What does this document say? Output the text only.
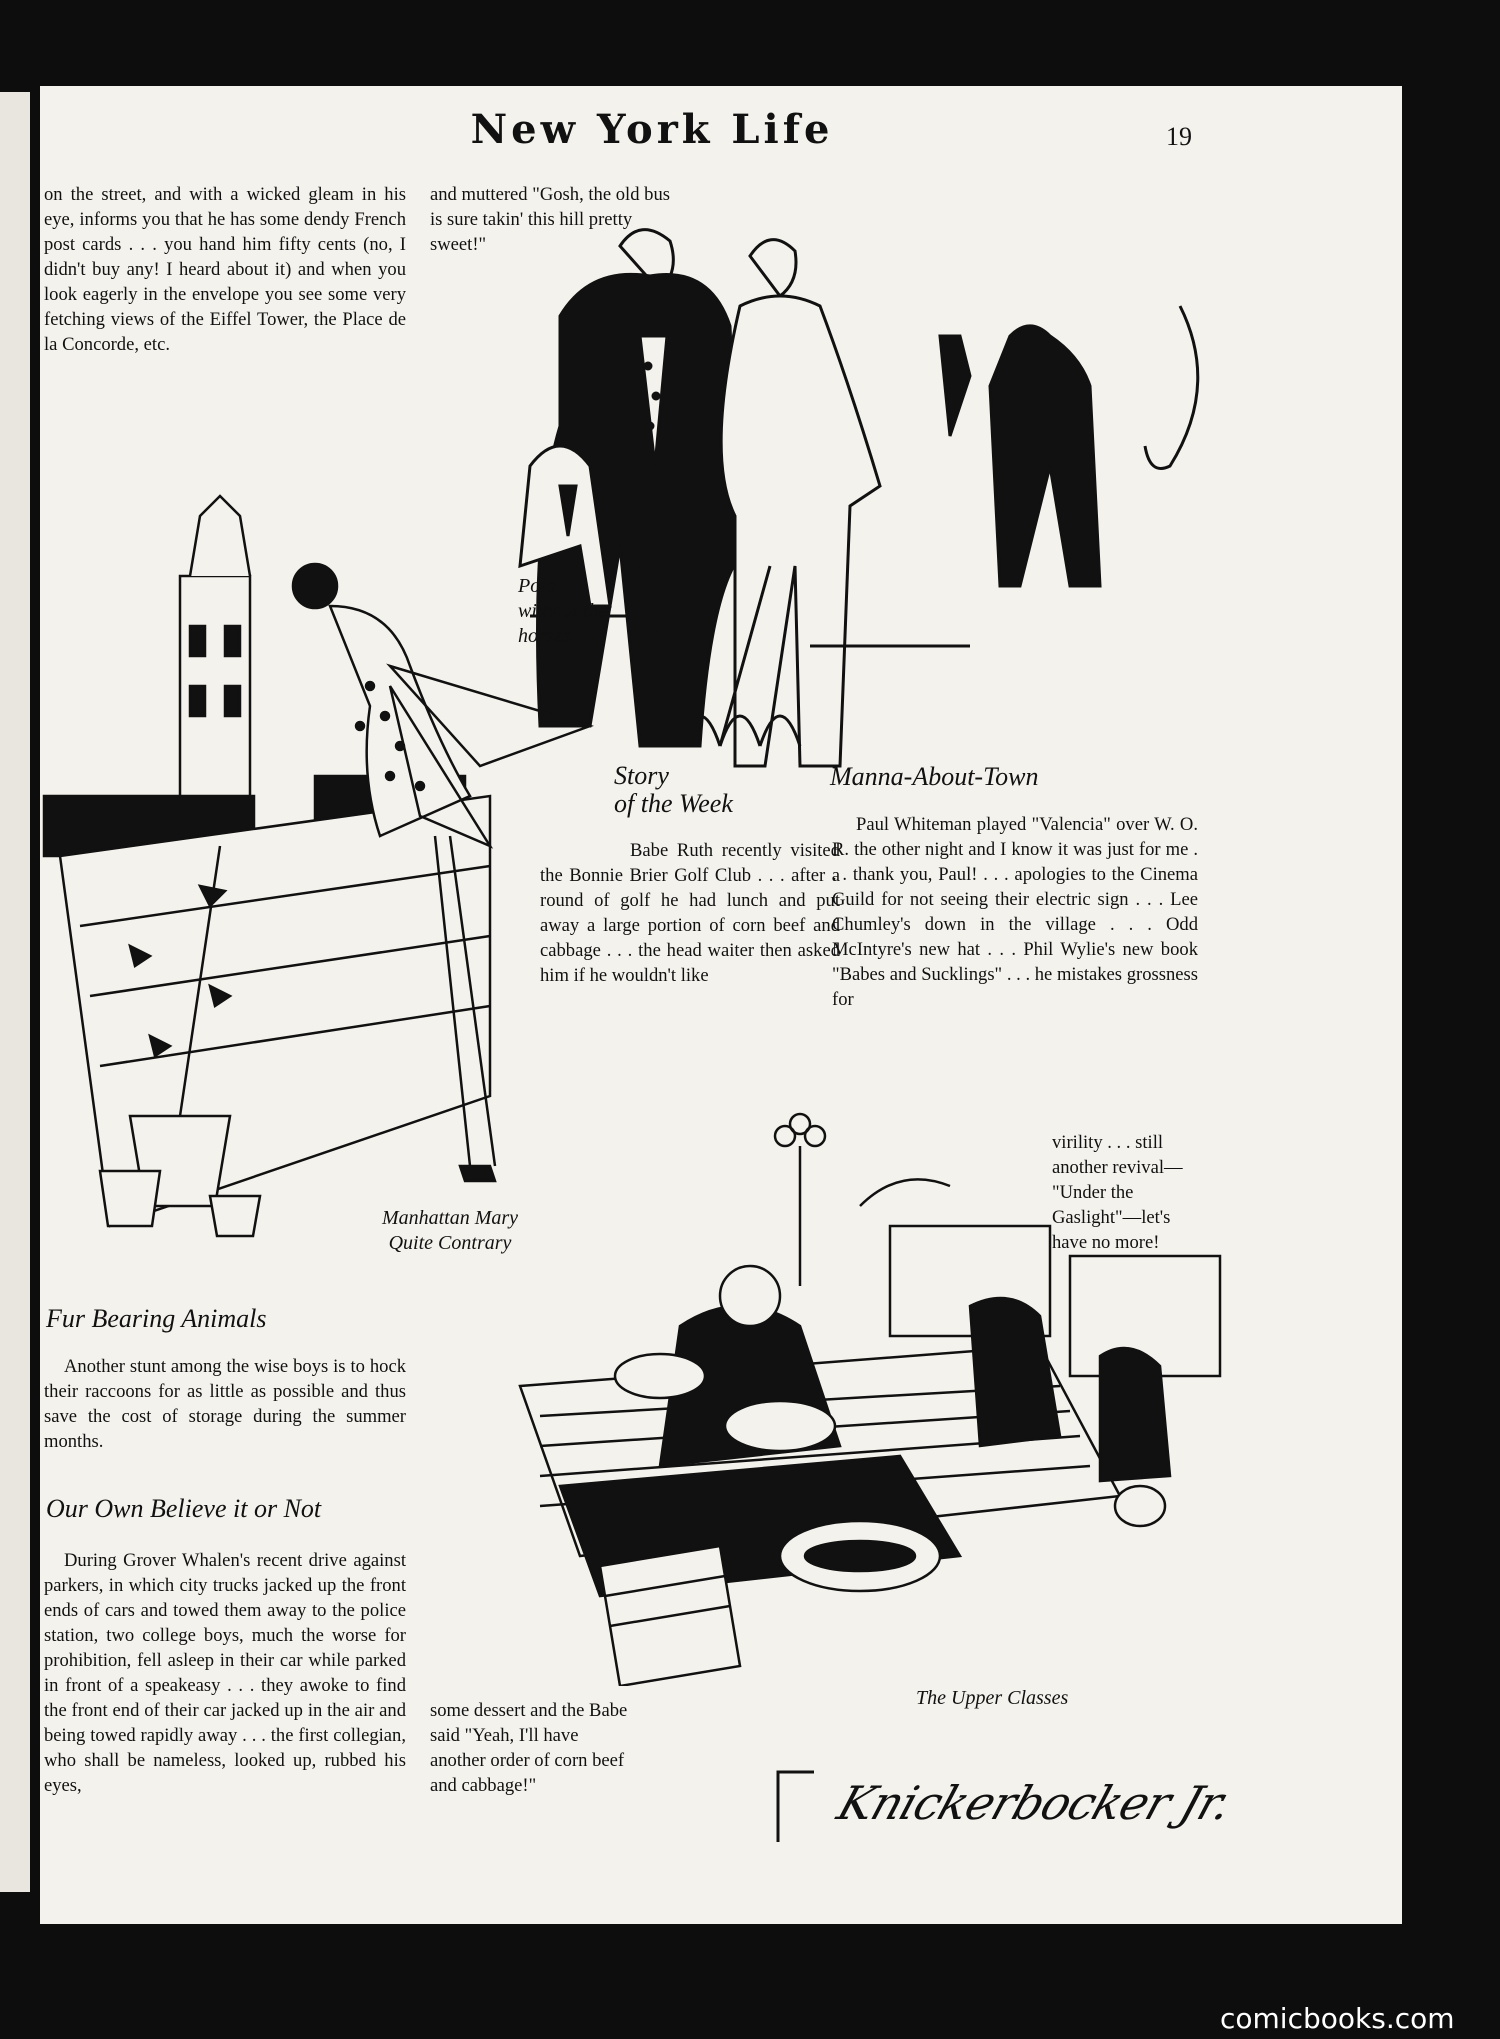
New York Life	19

on the street, and with a wicked gleam in his eye, informs you that he has some dendy French post cards . . . you hand him fifty cents (no, I didn't buy any! I heard about it) and when you look eagerly in the envelope you see some very fetching views of the Eiffel Tower, the Place de la Concorde, etc.

and muttered "Gosh, the old bus is sure takin' this hill pretty sweet!"

Polo
without the
horses
Manhattan Mary
Quite Contrary
Story
of the Week

Babe Ruth recently visited the Bonnie Brier Golf Club . . . after a round of golf he had lunch and put away a large portion of corn beef and cabbage . . . the head waiter then asked him if he wouldn't like

Manna-About-Town

Paul Whiteman played "Valencia" over W. O. R. the other night and I know it was just for me . . . thank you, Paul! . . . apologies to the Cinema Guild for not seeing their electric sign . . . Lee Chumley's down in the village . . . Odd McIntyre's new hat . . . Phil Wylie's new book "Babes and Sucklings" . . . he mistakes grossness for

virility . . . still another revival— "Under the Gaslight"—let's have no more!

The Upper Classes
Fur Bearing Animals

Another stunt among the wise boys is to hock their raccoons for as little as possible and thus save the cost of storage during the summer months.

Our Own Believe it or Not

During Grover Whalen's recent drive against parkers, in which city trucks jacked up the front ends of cars and towed them away to the police station, two college boys, much the worse for prohibition, fell asleep in their car while parked in front of a speakeasy . . . they awoke to find the front end of their car jacked up in the air and being towed rapidly away . . . the first collegian, who shall be nameless, looked up, rubbed his eyes,

some dessert and the Babe said "Yeah, I'll have another order of corn beef and cabbage!"	Knickerbocker Jr.
comicbooks.com
